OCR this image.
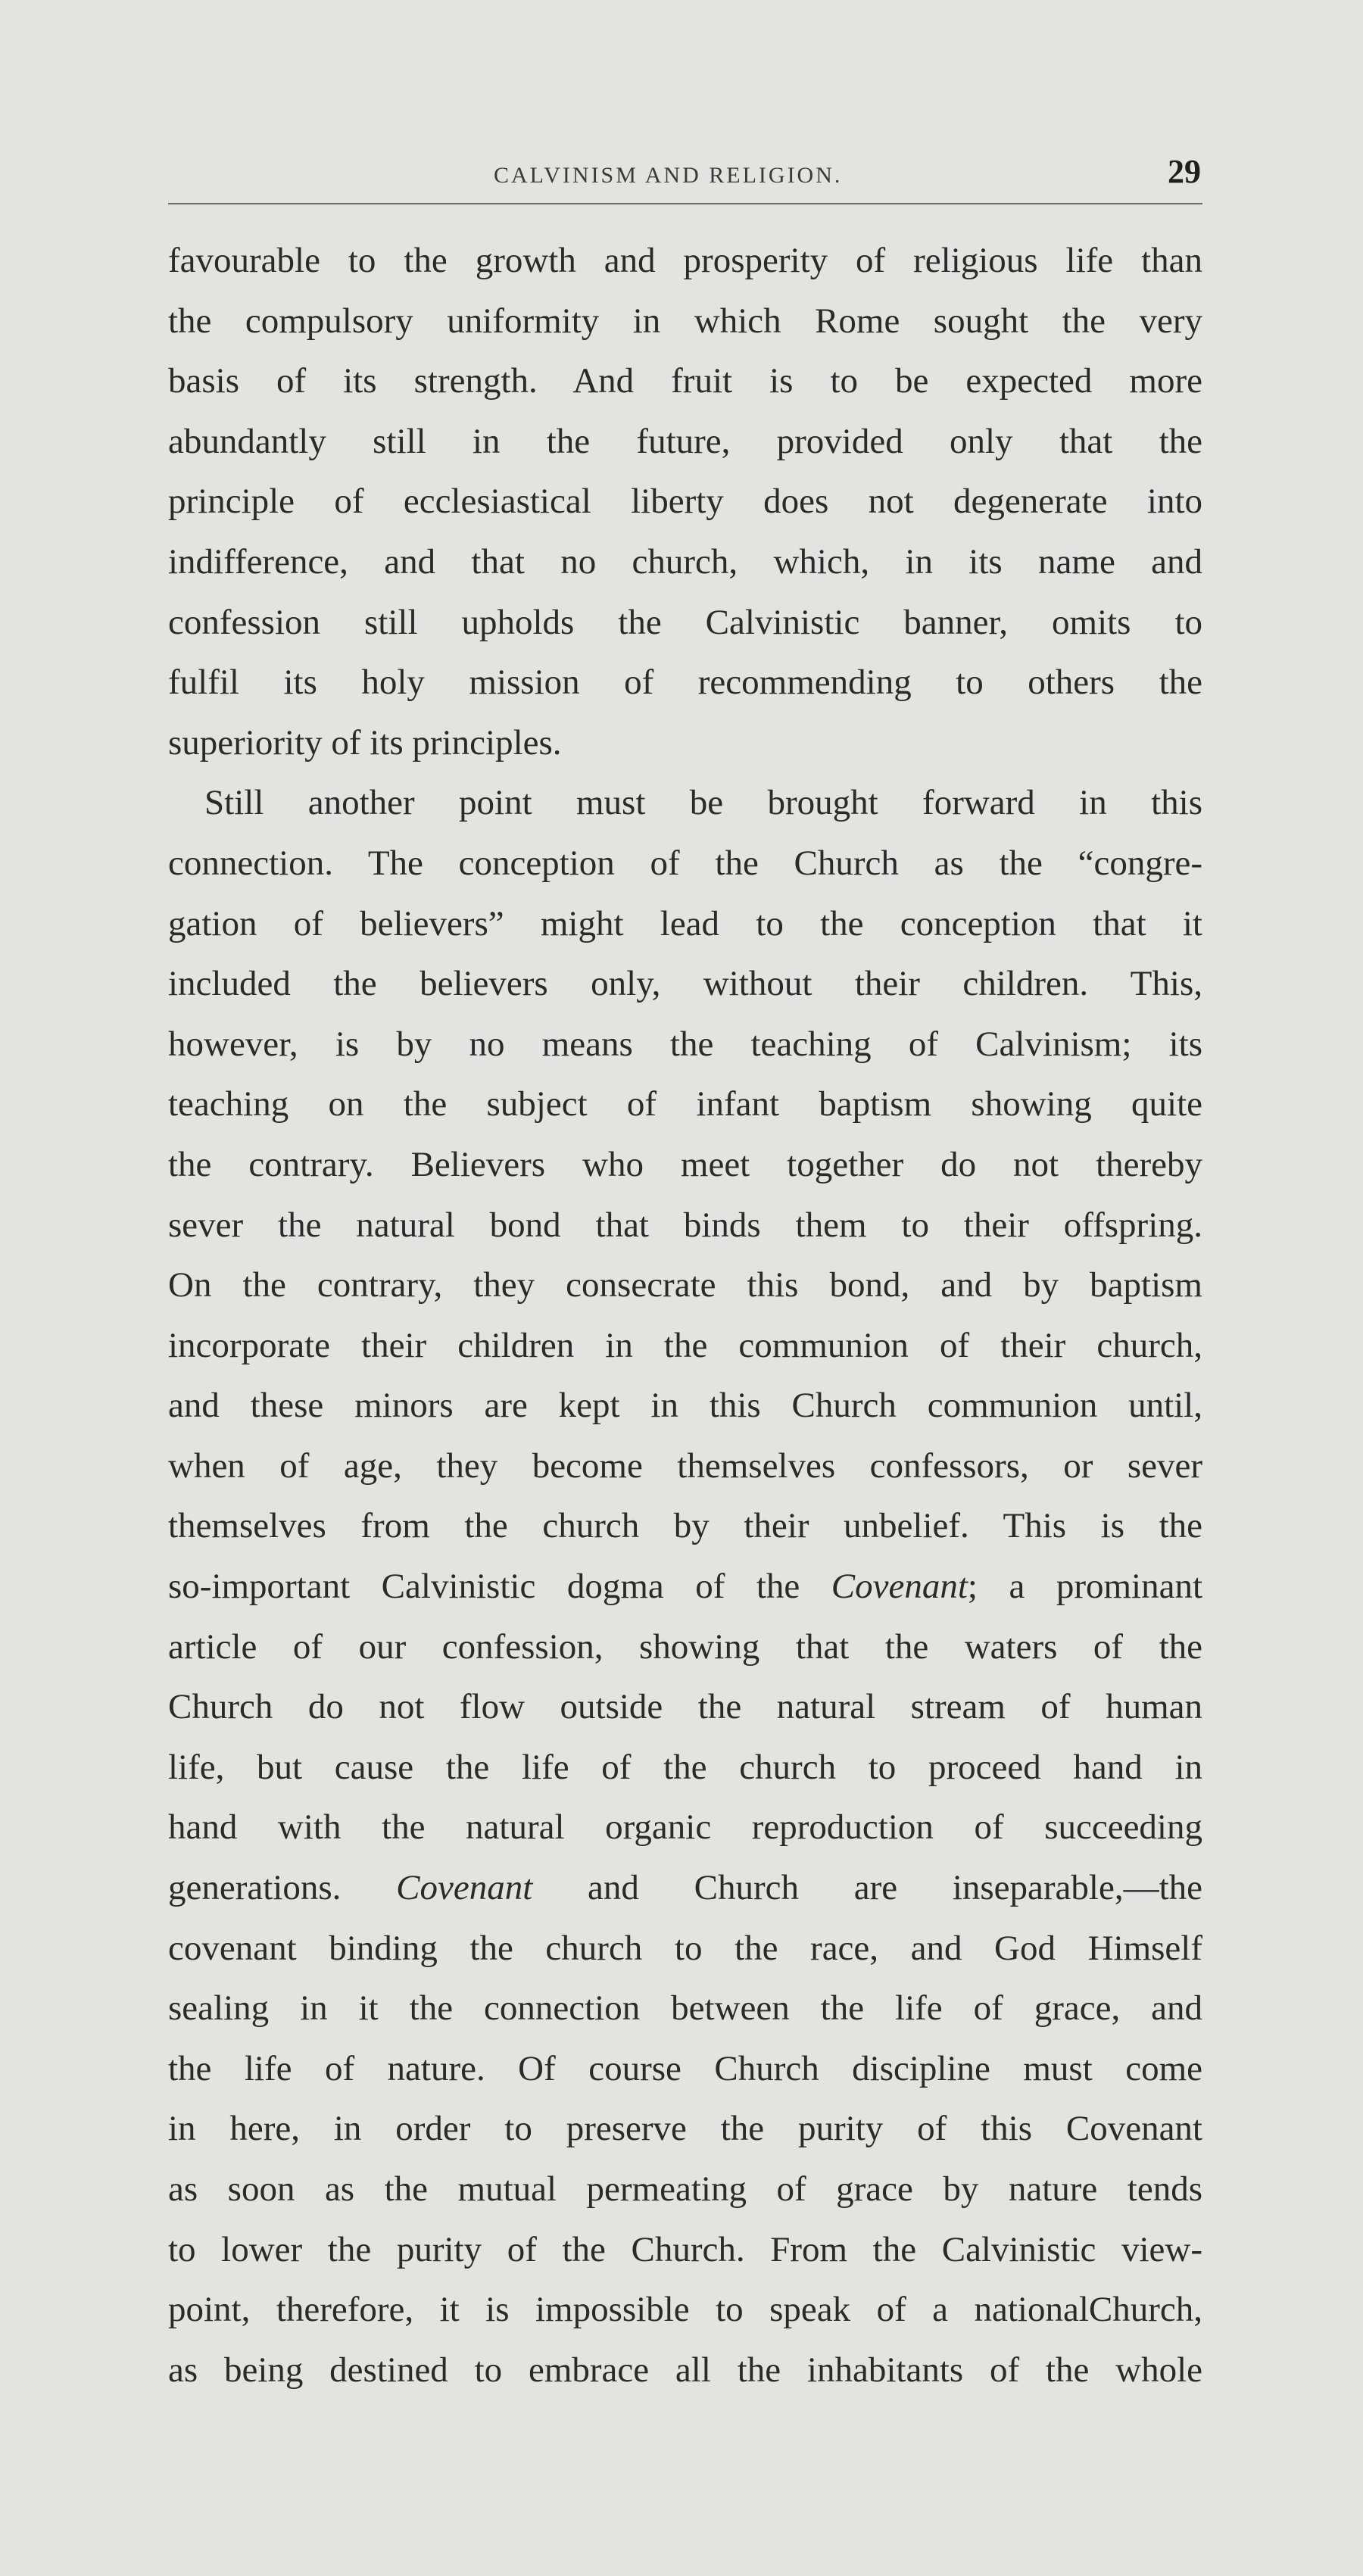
CALVINISM AND RELIGION.	29
favourable to the growth and prosperity of religious life than
the compulsory uniformity in which Rome sought the very
basis of its strength. And fruit is to be expected more
abundantly still in the future, provided only that the
principle of ecclesiastical liberty does not degenerate into
indifference, and that no church, which, in its name and
confession still upholds the Calvinistic banner, omits to
fulfil its holy mission of recommending to others the
superiority of its principles.
Still another point must be brought forward in this
connection. The conception of the Church as the “congre-
gation of believers” might lead to the conception that it
included the believers only, without their children. This,
however, is by no means the teaching of Calvinism; its
teaching on the subject of infant baptism showing quite
the contrary. Believers who meet together do not thereby
sever the natural bond that binds them to their offspring.
On the contrary, they consecrate this bond, and by baptism
incorporate their children in the communion of their church,
and these minors are kept in this Church communion until,
when of age, they become themselves confessors, or sever
themselves from the church by their unbelief. This is the
so-important Calvinistic dogma of the Covenant; a prominant
article of our confession, showing that the waters of the
Church do not flow outside the natural stream of human
life, but cause the life of the church to proceed hand in
hand with the natural organic reproduction of succeeding
generations. Covenant and Church are inseparable,—the
covenant binding the church to the race, and God Himself
sealing in it the connection between the life of grace, and
the life of nature. Of course Church discipline must come
in here, in order to preserve the purity of this Covenant
as soon as the mutual permeating of grace by nature tends
to lower the purity of the Church. From the Calvinistic view-
point, therefore, it is impossible to speak of a nationalChurch,
as being destined to embrace all the inhabitants of the whole
